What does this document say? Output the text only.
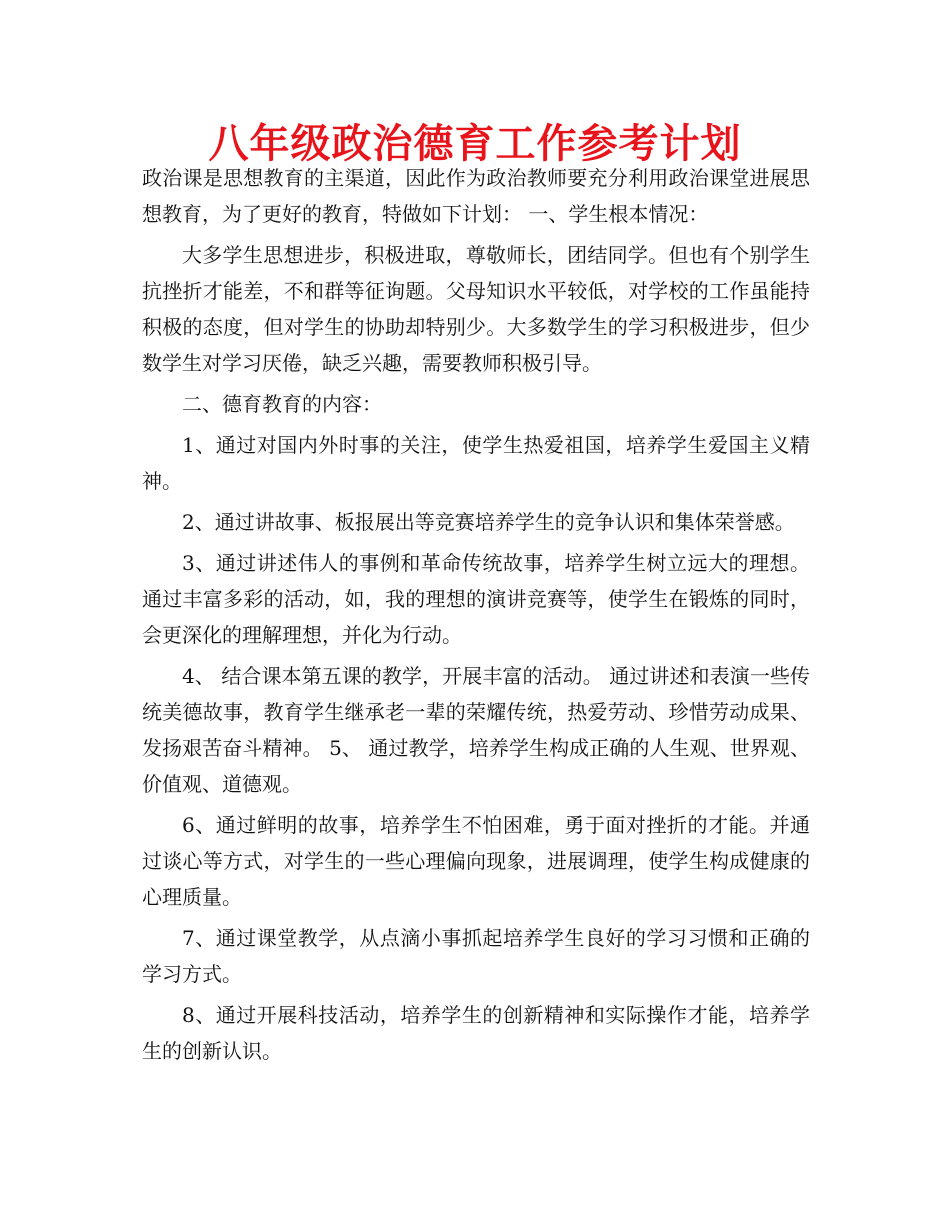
八年级政治德育工作参考计划

政治课是思想教育的主渠道，因此作为政治教师要充分利用政治课堂进展思想教育，为了更好的教育，特做如下计划： 一、学生根本情况：

大多学生思想进步，积极进取，尊敬师长，团结同学。但也有个别学生抗挫折才能差，不和群等征询题。父母知识水平较低，对学校的工作虽能持积极的态度，但对学生的协助却特别少。大多数学生的学习积极进步，但少数学生对学习厌倦，缺乏兴趣，需要教师积极引导。

二、德育教育的内容：

1、通过对国内外时事的关注，使学生热爱祖国，培养学生爱国主义精神。

2、通过讲故事、板报展出等竞赛培养学生的竞争认识和集体荣誉感。

3、通过讲述伟人的事例和革命传统故事，培养学生树立远大的理想。通过丰富多彩的活动，如，我的理想的演讲竞赛等，使学生在锻炼的同时，会更深化的理解理想，并化为行动。

4、 结合课本第五课的教学，开展丰富的活动。 通过讲述和表演一些传统美德故事，教育学生继承老一辈的荣耀传统，热爱劳动、珍惜劳动成果、发扬艰苦奋斗精神。 5、 通过教学，培养学生构成正确的人生观、世界观、价值观、道德观。

6、通过鲜明的故事，培养学生不怕困难，勇于面对挫折的才能。并通过谈心等方式，对学生的一些心理偏向现象，进展调理，使学生构成健康的心理质量。

7、通过课堂教学，从点滴小事抓起培养学生良好的学习习惯和正确的学习方式。

8、通过开展科技活动，培养学生的创新精神和实际操作才能，培养学生的创新认识。
